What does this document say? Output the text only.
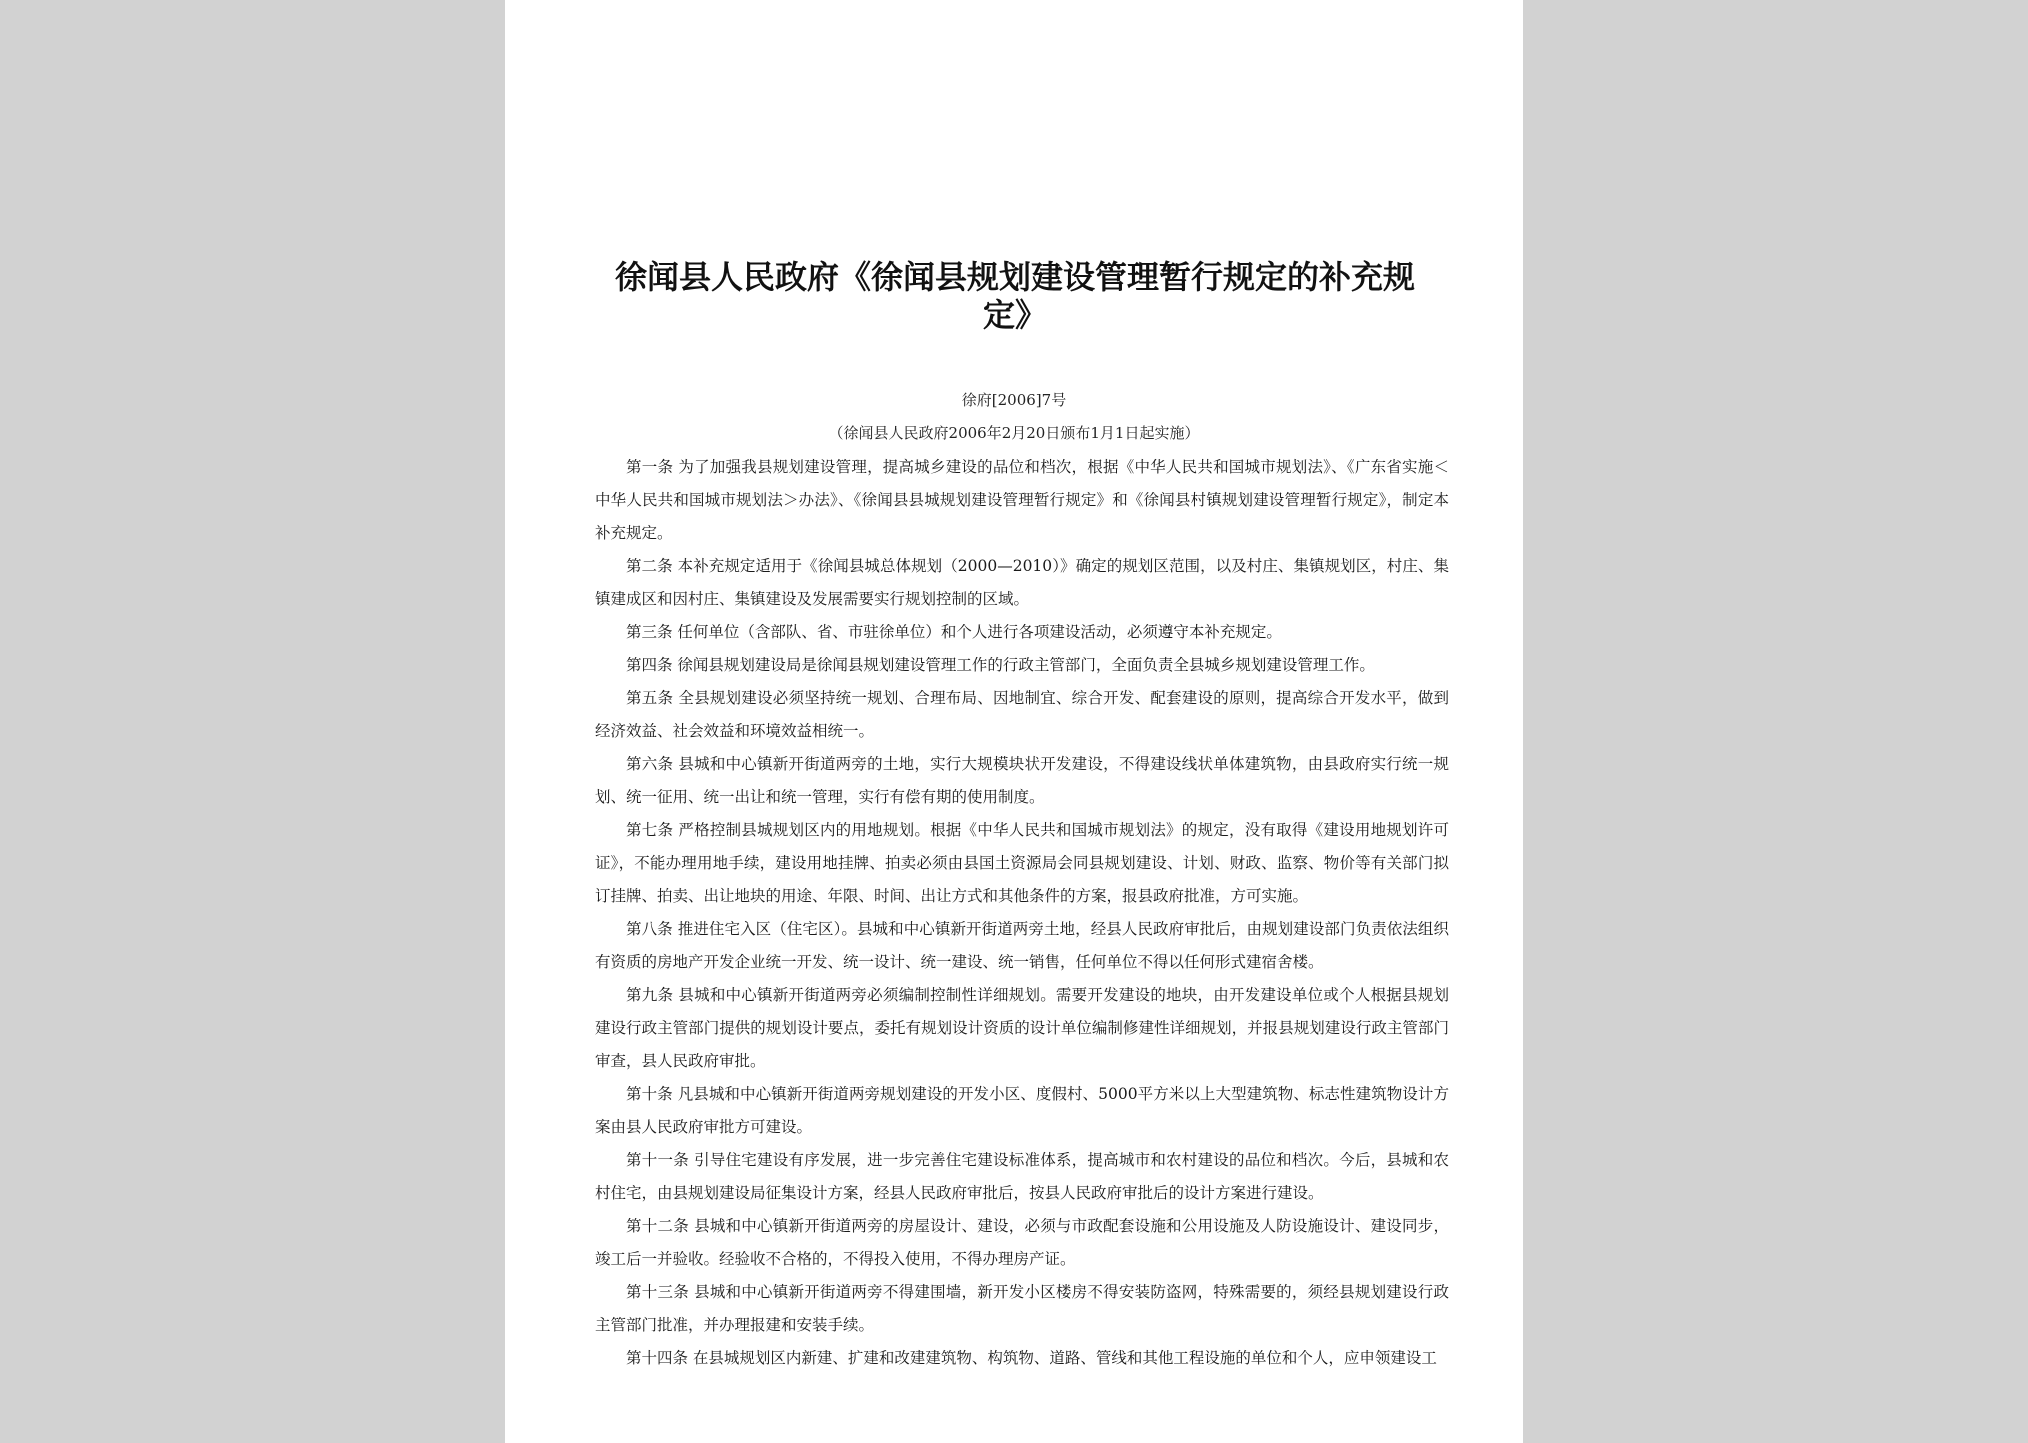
徐闻县人民政府《徐闻县规划建设管理暂行规定的补充规定》
徐府[2006]7号
（徐闻县人民政府2006年2月20日颁布1月1日起实施）

第一条 为了加强我县规划建设管理，提高城乡建设的品位和档次，根据《中华人民共和国城市规划法》、《广东省实施＜中华人民共和国城市规划法＞办法》、《徐闻县县城规划建设管理暂行规定》和《徐闻县村镇规划建设管理暂行规定》，制定本补充规定。

第二条 本补充规定适用于《徐闻县城总体规划（2000—2010）》确定的规划区范围，以及村庄、集镇规划区，村庄、集镇建成区和因村庄、集镇建设及发展需要实行规划控制的区域。

第三条 任何单位（含部队、省、市驻徐单位）和个人进行各项建设活动，必须遵守本补充规定。

第四条 徐闻县规划建设局是徐闻县规划建设管理工作的行政主管部门，全面负责全县城乡规划建设管理工作。

第五条 全县规划建设必须坚持统一规划、合理布局、因地制宜、综合开发、配套建设的原则，提高综合开发水平，做到经济效益、社会效益和环境效益相统一。

第六条 县城和中心镇新开街道两旁的土地，实行大规模块状开发建设，不得建设线状单体建筑物，由县政府实行统一规划、统一征用、统一出让和统一管理，实行有偿有期的使用制度。

第七条 严格控制县城规划区内的用地规划。根据《中华人民共和国城市规划法》的规定，没有取得《建设用地规划许可证》，不能办理用地手续，建设用地挂牌、拍卖必须由县国土资源局会同县规划建设、计划、财政、监察、物价等有关部门拟订挂牌、拍卖、出让地块的用途、年限、时间、出让方式和其他条件的方案，报县政府批准，方可实施。

第八条 推进住宅入区（住宅区）。县城和中心镇新开街道两旁土地，经县人民政府审批后，由规划建设部门负责依法组织有资质的房地产开发企业统一开发、统一设计、统一建设、统一销售，任何单位不得以任何形式建宿舍楼。

第九条 县城和中心镇新开街道两旁必须编制控制性详细规划。需要开发建设的地块，由开发建设单位或个人根据县规划建设行政主管部门提供的规划设计要点，委托有规划设计资质的设计单位编制修建性详细规划，并报县规划建设行政主管部门审查，县人民政府审批。

第十条 凡县城和中心镇新开街道两旁规划建设的开发小区、度假村、5000平方米以上大型建筑物、标志性建筑物设计方案由县人民政府审批方可建设。

第十一条 引导住宅建设有序发展，进一步完善住宅建设标准体系，提高城市和农村建设的品位和档次。今后，县城和农村住宅，由县规划建设局征集设计方案，经县人民政府审批后，按县人民政府审批后的设计方案进行建设。

第十二条 县城和中心镇新开街道两旁的房屋设计、建设，必须与市政配套设施和公用设施及人防设施设计、建设同步，竣工后一并验收。经验收不合格的，不得投入使用，不得办理房产证。

第十三条 县城和中心镇新开街道两旁不得建围墙，新开发小区楼房不得安装防盗网，特殊需要的，须经县规划建设行政主管部门批准，并办理报建和安装手续。

第十四条 在县城规划区内新建、扩建和改建建筑物、构筑物、道路、管线和其他工程设施的单位和个人，应申领建设工
